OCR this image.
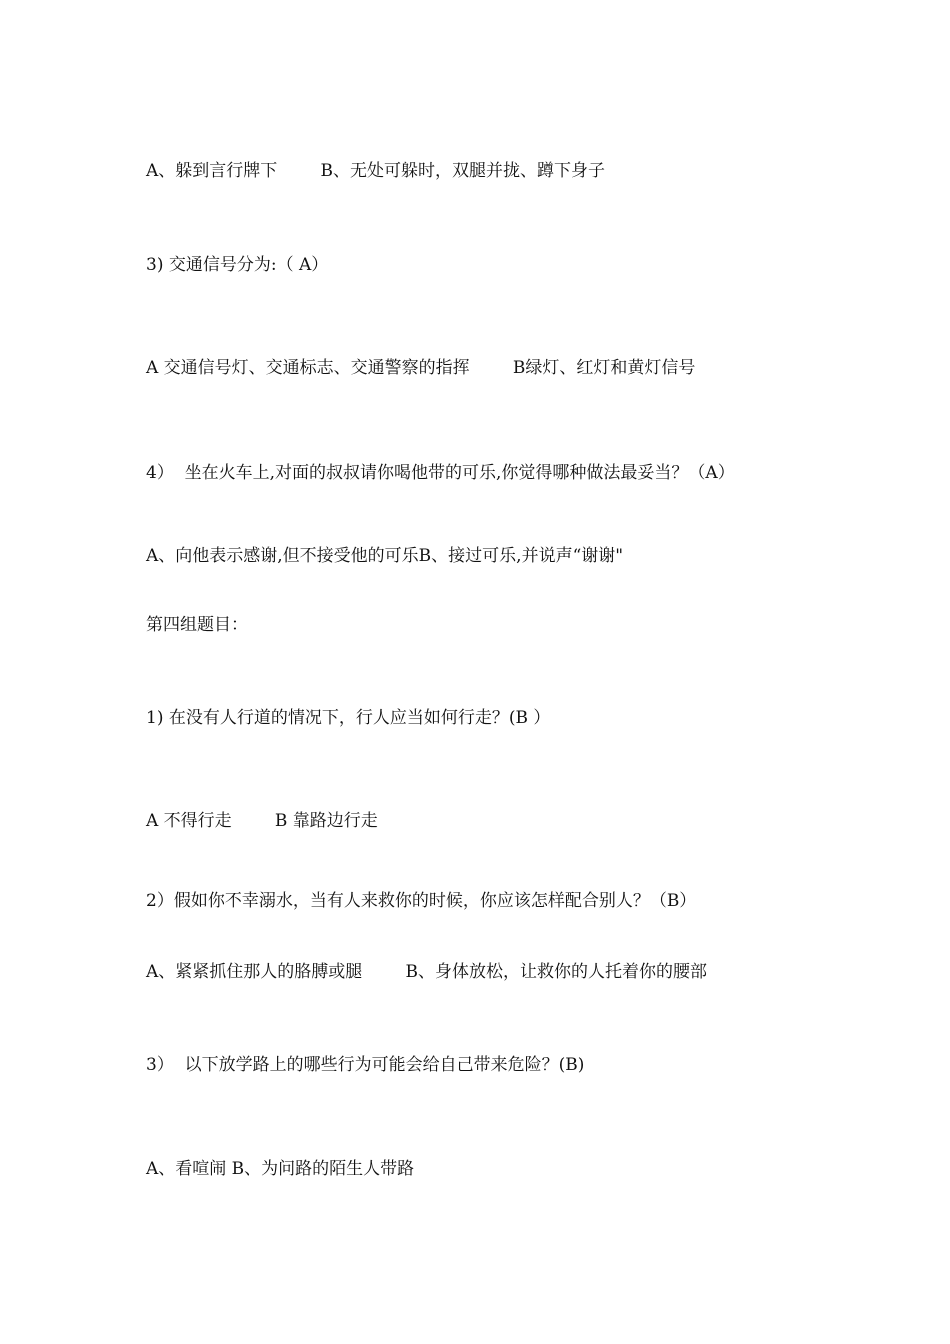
A、躲到言行牌下        B、无处可躲时，双腿并拢、蹲下身子

3) 交通信号分为:（ A）

A 交通信号灯、交通标志、交通警察的指挥        B绿灯、红灯和黄灯信号

4）  坐在火车上,对面的叔叔请你喝他带的可乐,你觉得哪种做法最妥当？（A）

A、向他表示感谢,但不接受他的可乐B、接过可乐,并说声“谢谢"

第四组题目：

1) 在没有人行道的情况下，行人应当如何行走？(B ）

A 不得行走        B 靠路边行走

2）假如你不幸溺水，当有人来救你的时候，你应该怎样配合别人？（B）

A、紧紧抓住那人的胳膊或腿        B、身体放松，让救你的人托着你的腰部

3）  以下放学路上的哪些行为可能会给自己带来危险？(B)

A、看喧闹 B、为问路的陌生人带路
